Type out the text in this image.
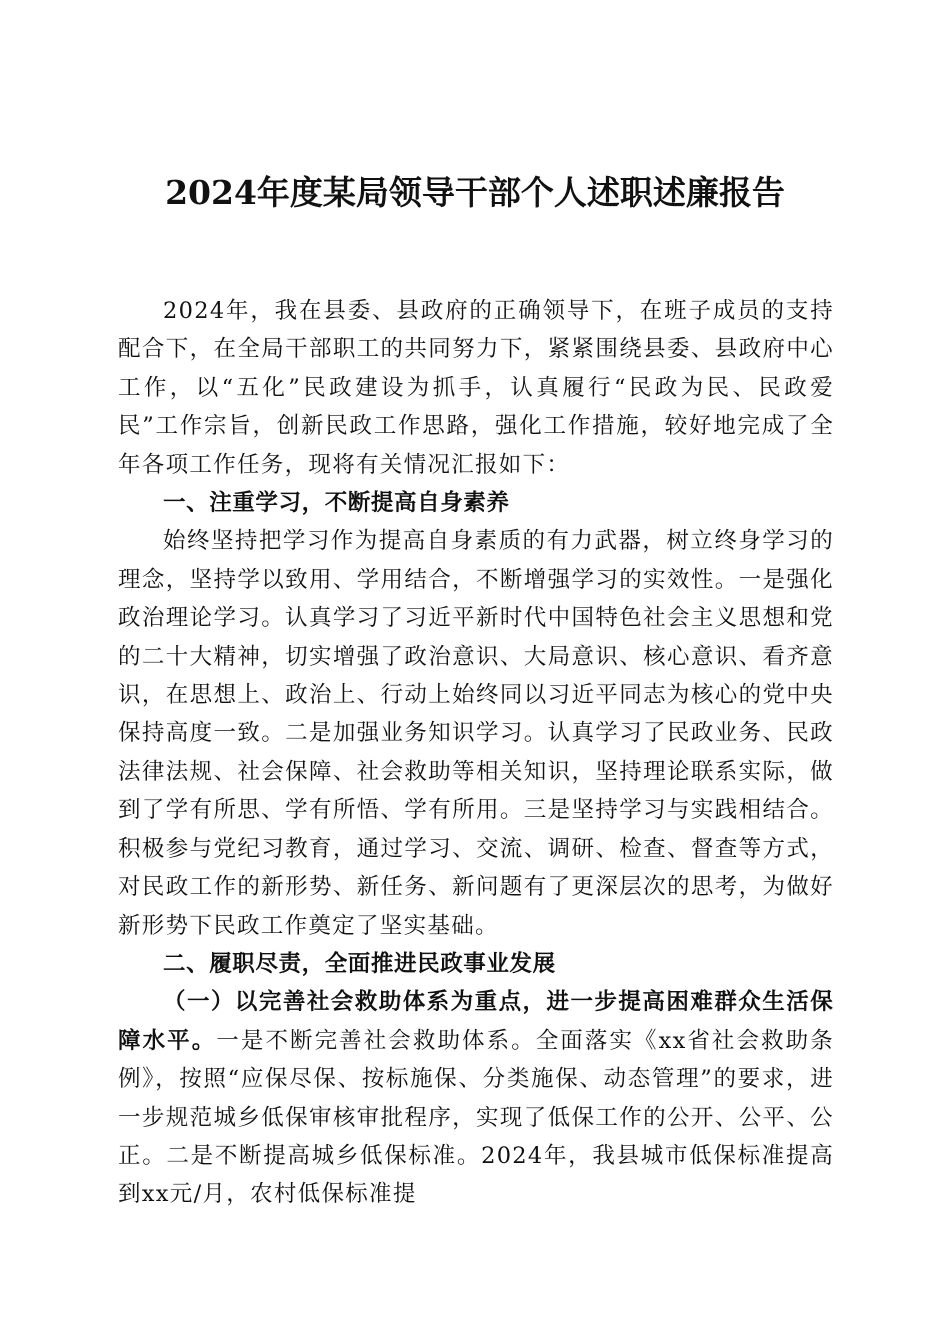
2024年度某局领导干部个人述职述廉报告

2024年，我在县委、县政府的正确领导下，在班子成员的支持配合下，在全局干部职工的共同努力下，紧紧围绕县委、县政府中心工作，以“五化”民政建设为抓手，认真履行“民政为民、民政爱民”工作宗旨，创新民政工作思路，强化工作措施，较好地完成了全年各项工作任务，现将有关情况汇报如下：

一、注重学习，不断提高自身素养

始终坚持把学习作为提高自身素质的有力武器，树立终身学习的理念，坚持学以致用、学用结合，不断增强学习的实效性。一是强化政治理论学习。认真学习了习近平新时代中国特色社会主义思想和党的二十大精神，切实增强了政治意识、大局意识、核心意识、看齐意识，在思想上、政治上、行动上始终同以习近平同志为核心的党中央保持高度一致。二是加强业务知识学习。认真学习了民政业务、民政法律法规、社会保障、社会救助等相关知识，坚持理论联系实际，做到了学有所思、学有所悟、学有所用。三是坚持学习与实践相结合。积极参与党纪习教育，通过学习、交流、调研、检查、督查等方式，对民政工作的新形势、新任务、新问题有了更深层次的思考，为做好新形势下民政工作奠定了坚实基础。

二、履职尽责，全面推进民政事业发展

（一）以完善社会救助体系为重点，进一步提高困难群众生活保障水平。一是不断完善社会救助体系。全面落实《xx省社会救助条例》，按照“应保尽保、按标施保、分类施保、动态管理”的要求，进一步规范城乡低保审核审批程序，实现了低保工作的公开、公平、公正。二是不断提高城乡低保标准。2024年，我县城市低保标准提高到xx元/月，农村低保标准提
